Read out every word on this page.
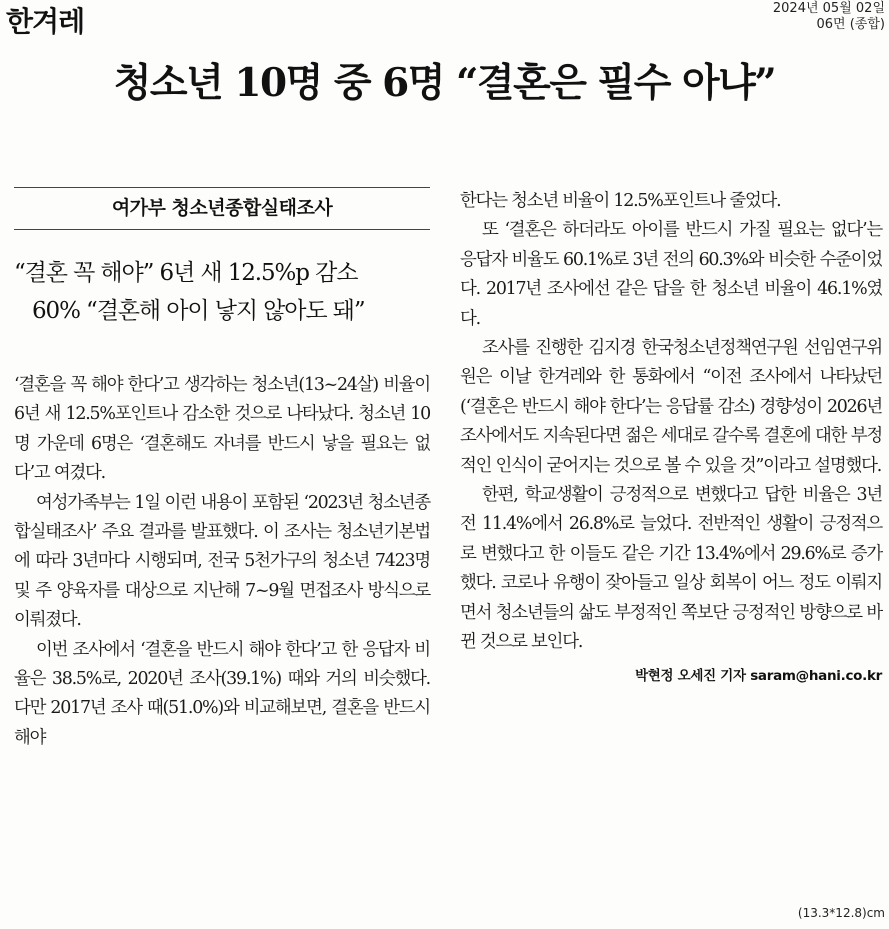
한겨레	2024년 05월 02일
06면 (종합)
청소년 10명 중 6명 “결혼은 필수 아냐”
여가부 청소년종합실태조사
“결혼 꼭 해야” 6년 새 12.5%p 감소
60% “결혼해 아이 낳지 않아도 돼”

‘결혼을 꼭 해야 한다’고 생각하는 청소년(13~24살) 비율이 6년 새 12.5%포인트나 감소한 것으로 나타났다. 청소년 10명 가운데 6명은 ‘결혼해도 자녀를 반드시 낳을 필요는 없다’고 여겼다.

여성가족부는 1일 이런 내용이 포함된 ‘2023년 청소년종합실태조사’ 주요 결과를 발표했다. 이 조사는 청소년기본법에 따라 3년마다 시행되며, 전국 5천가구의 청소년 7423명 및 주 양육자를 대상으로 지난해 7~9월 면접조사 방식으로 이뤄졌다.

이번 조사에서 ‘결혼을 반드시 해야 한다’고 한 응답자 비율은 38.5%로, 2020년 조사(39.1%) 때와 거의 비슷했다. 다만 2017년 조사 때(51.0%)와 비교해보면, 결혼을 반드시 해야

한다는 청소년 비율이 12.5%포인트나 줄었다.

또 ‘결혼은 하더라도 아이를 반드시 가질 필요는 없다’는 응답자 비율도 60.1%로 3년 전의 60.3%와 비슷한 수준이었다. 2017년 조사에선 같은 답을 한 청소년 비율이 46.1%였다.

조사를 진행한 김지경 한국청소년정책연구원 선임연구위원은 이날 한겨레와 한 통화에서 “이전 조사에서 나타났던 (‘결혼은 반드시 해야 한다’는 응답률 감소) 경향성이 2026년 조사에서도 지속된다면 젊은 세대로 갈수록 결혼에 대한 부정적인 인식이 굳어지는 것으로 볼 수 있을 것”이라고 설명했다.

한편, 학교생활이 긍정적으로 변했다고 답한 비율은 3년 전 11.4%에서 26.8%로 늘었다. 전반적인 생활이 긍정적으로 변했다고 한 이들도 같은 기간 13.4%에서 29.6%로 증가했다. 코로나 유행이 잦아들고 일상 회복이 어느 정도 이뤄지면서 청소년들의 삶도 부정적인 쪽보단 긍정적인 방향으로 바뀐 것으로 보인다.

박현정 오세진 기자 saram@hani.co.kr
(13.3*12.8)cm
